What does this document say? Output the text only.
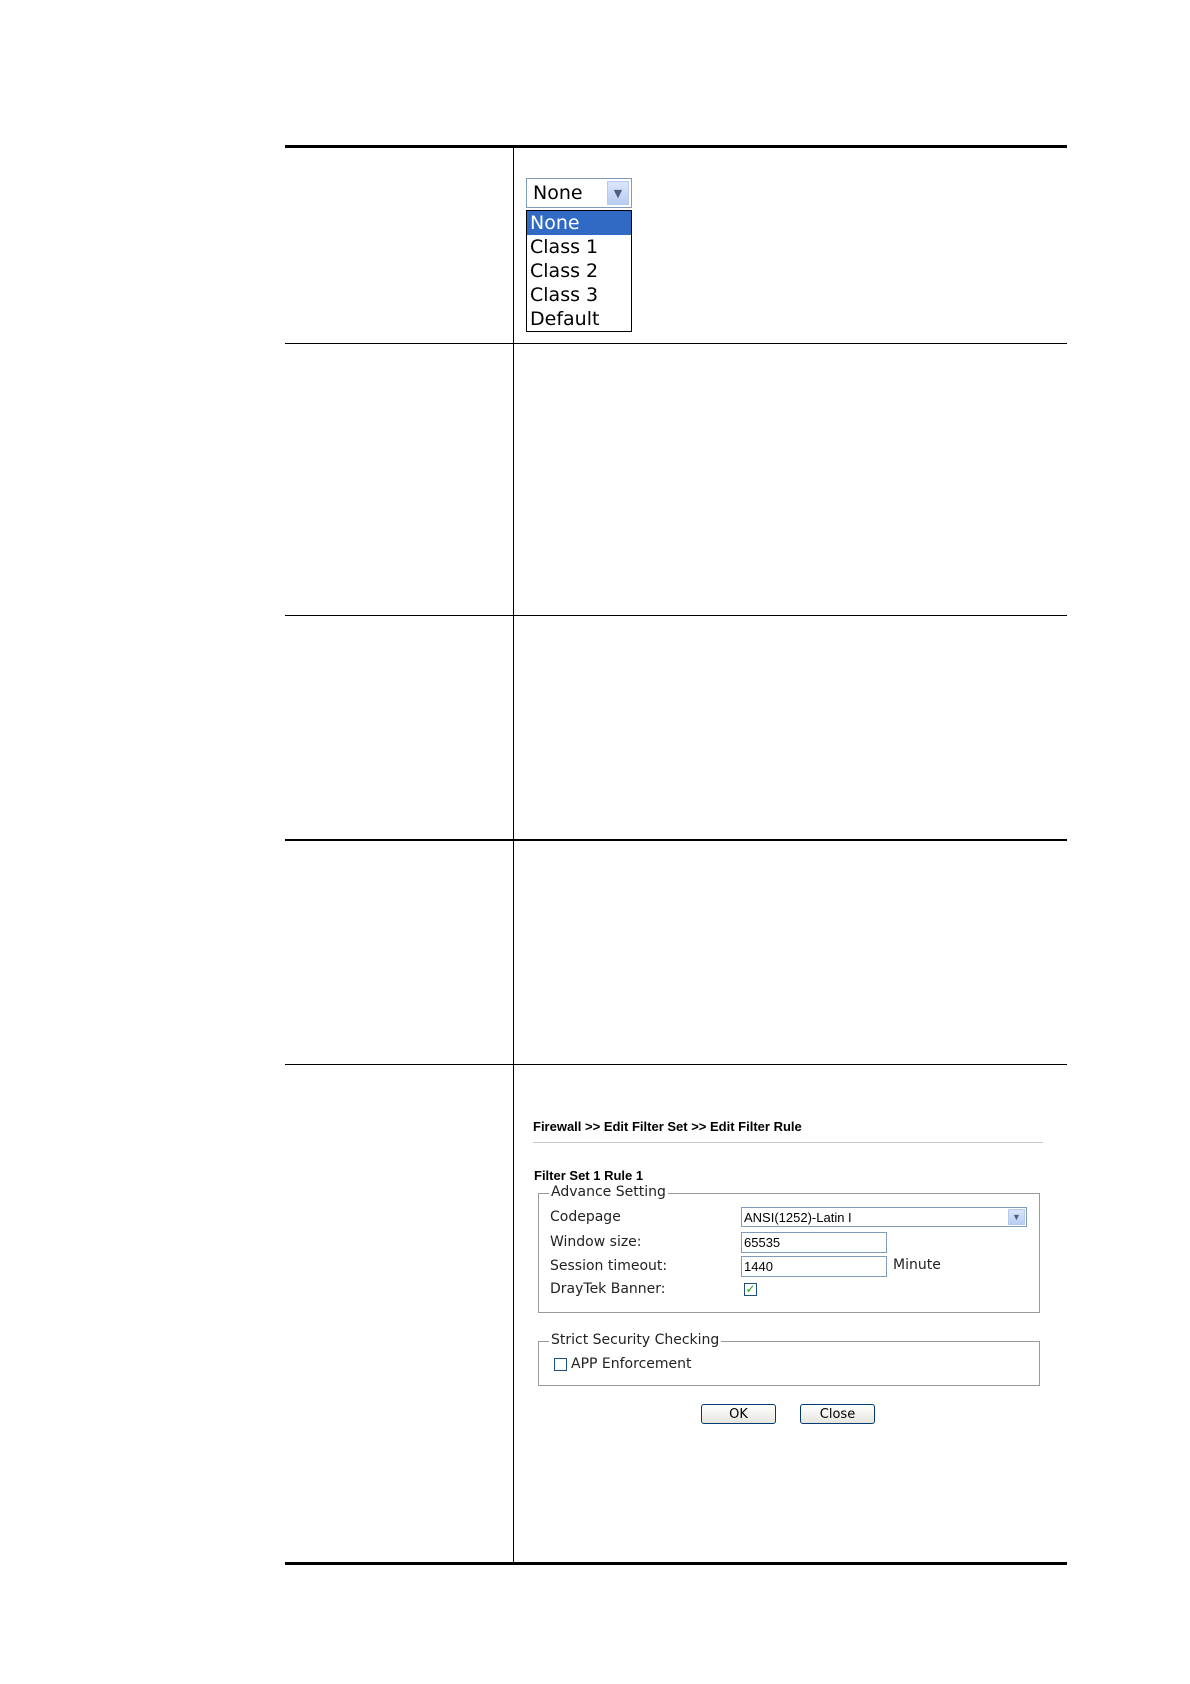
None	▼
None
Class 1
Class 2
Class 3
Default
Firewall >> Edit Filter Set >> Edit Filter Rule
Filter Set 1 Rule 1
Advance Setting
Codepage	ANSI(1252)-Latin I	▼
Window size:	65535
Session timeout:	1440	Minute
DrayTek Banner:	✓
Strict Security Checking
APP Enforcement
OK	Close
